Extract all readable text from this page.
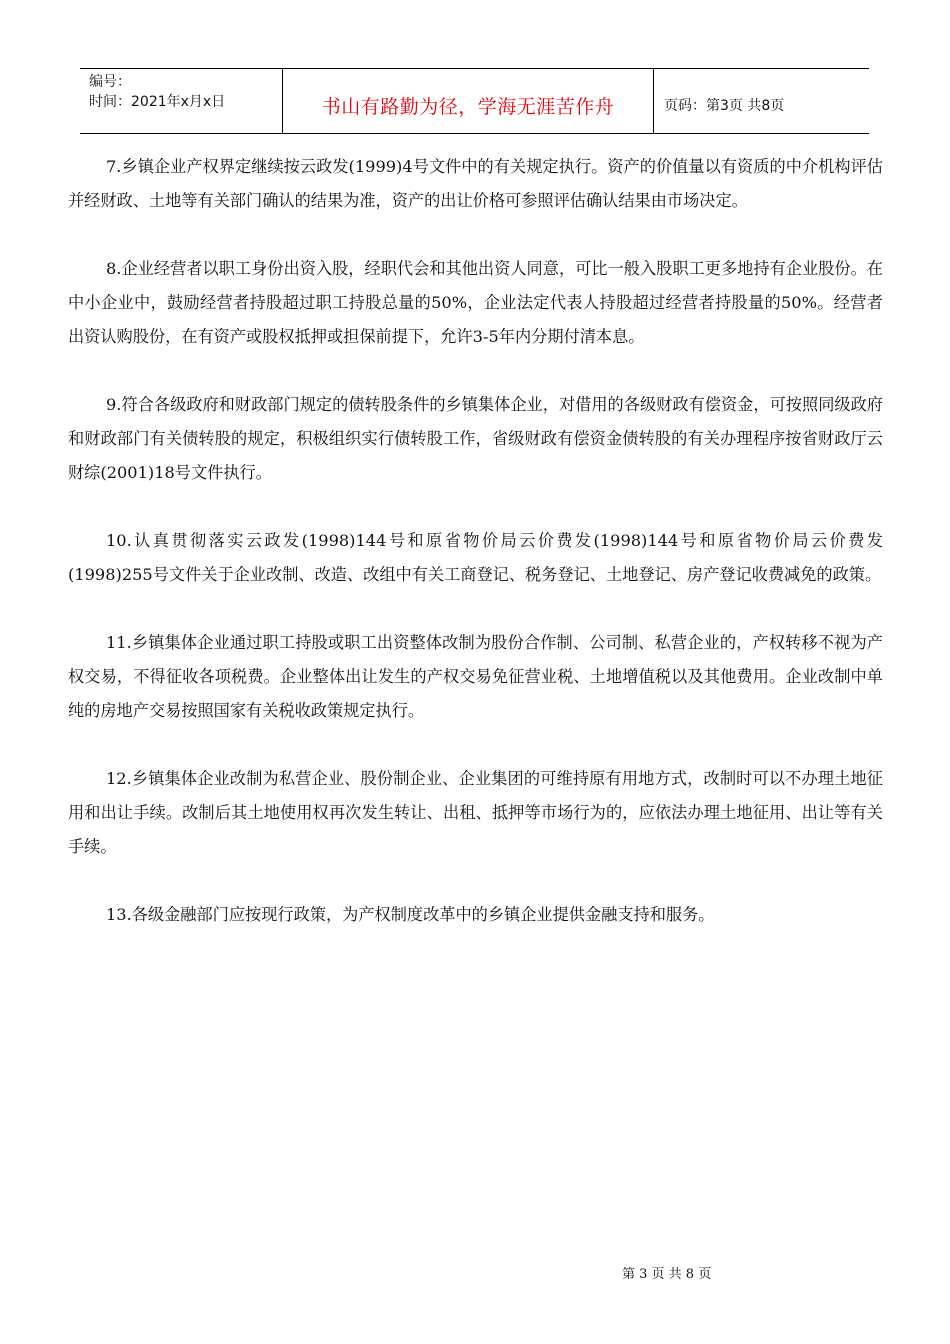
编号：
时间：2021年x月x日	书山有路勤为径，学海无涯苦作舟	页码：第3页 共8页

7.乡镇企业产权界定继续按云政发(1999)4号文件中的有关规定执行。资产的价值量以有资质的中介机构评估并经财政、土地等有关部门确认的结果为准，资产的出让价格可参照评估确认结果由市场决定。

8.企业经营者以职工身份出资入股，经职代会和其他出资人同意，可比一般入股职工更多地持有企业股份。在中小企业中，鼓励经营者持股超过职工持股总量的50%，企业法定代表人持股超过经营者持股量的50%。经营者出资认购股份，在有资产或股权抵押或担保前提下，允许3-5年内分期付清本息。

9.符合各级政府和财政部门规定的债转股条件的乡镇集体企业，对借用的各级财政有偿资金，可按照同级政府和财政部门有关债转股的规定，积极组织实行债转股工作，省级财政有偿资金债转股的有关办理程序按省财政厅云财综(2001)18号文件执行。

10.认真贯彻落实云政发(1998)144号和原省物价局云价费发(1998)144号和原省物价局云价费发(1998)255号文件关于企业改制、改造、改组中有关工商登记、税务登记、土地登记、房产登记收费减免的政策。

11.乡镇集体企业通过职工持股或职工出资整体改制为股份合作制、公司制、私营企业的，产权转移不视为产权交易，不得征收各项税费。企业整体出让发生的产权交易免征营业税、土地增值税以及其他费用。企业改制中单纯的房地产交易按照国家有关税收政策规定执行。

12.乡镇集体企业改制为私营企业、股份制企业、企业集团的可维持原有用地方式，改制时可以不办理土地征用和出让手续。改制后其土地使用权再次发生转让、出租、抵押等市场行为的，应依法办理土地征用、出让等有关手续。

13.各级金融部门应按现行政策，为产权制度改革中的乡镇企业提供金融支持和服务。

第 3 页 共 8 页
